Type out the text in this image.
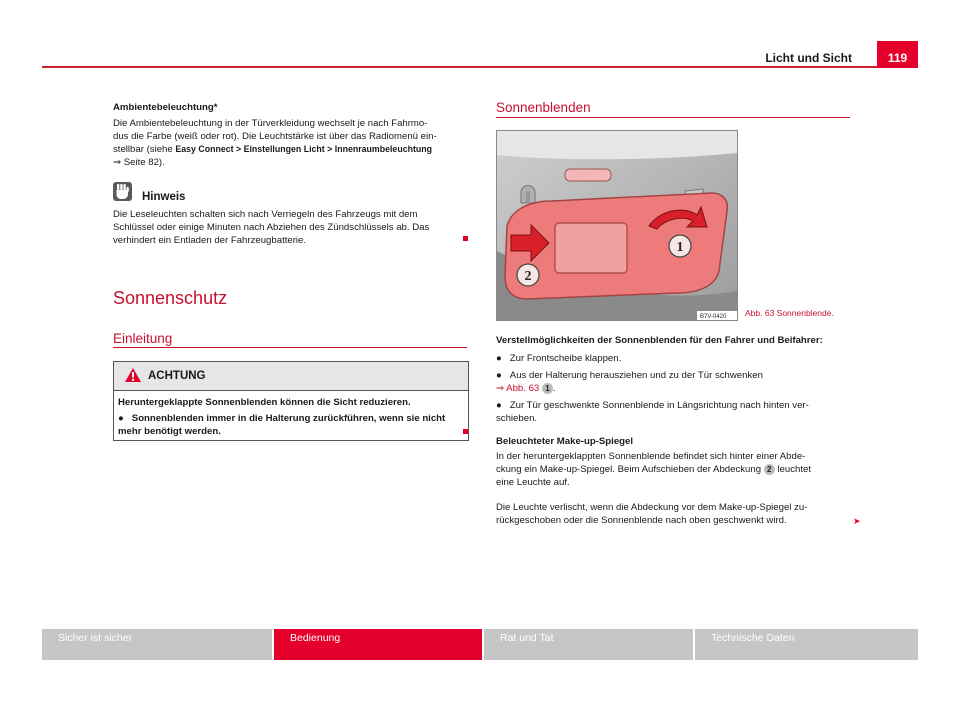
Licht und Sicht	119
Ambientebeleuchtung*
Die Ambientebeleuchtung in der Türverkleidung wechselt je nach Fahrmo-
dus die Farbe (weiß oder rot). Die Leuchtstärke ist über das Radiomenü ein-
stellbar (siehe Easy Connect > Einstellungen Licht > Innenraumbeleuchtung
⇒ Seite 82).
Hinweis
Die Leseleuchten schalten sich nach Verriegeln des Fahrzeugs mit dem
Schlüssel oder einige Minuten nach Abziehen des Zündschlüssels ab. Das
verhindert ein Entladen der Fahrzeugbatterie.
Sonnenschutz
Einleitung
ACHTUNG
Heruntergeklappte Sonnenblenden können die Sicht reduzieren.
● Sonnenblenden immer in die Halterung zurückführen, wenn sie nicht
mehr benötigt werden.
Sonnenblenden
1
2
B7V-0420 Abb. 63 Sonnenblende.
Verstellmöglichkeiten der Sonnenblenden für den Fahrer und Beifahrer:
● Zur Frontscheibe klappen.
● Aus der Halterung herausziehen und zu der Tür schwenken
⇒ Abb. 63 1 .
● Zur Tür geschwenkte Sonnenblende in Längsrichtung nach hinten ver-
schieben.
Beleuchteter Make-up-Spiegel
In der heruntergeklappten Sonnenblende befindet sich hinter einer Abde-
ckung ein Make-up-Spiegel. Beim Aufschieben der Abdeckung 2 leuchtet
eine Leuchte auf.
Die Leuchte verlischt, wenn die Abdeckung vor dem Make-up-Spiegel zu-
rückgeschoben oder die Sonnenblende nach oben geschwenkt wird.	➤
Sicher ist sicher	Bedienung	Rat und Tat	Technische Daten
